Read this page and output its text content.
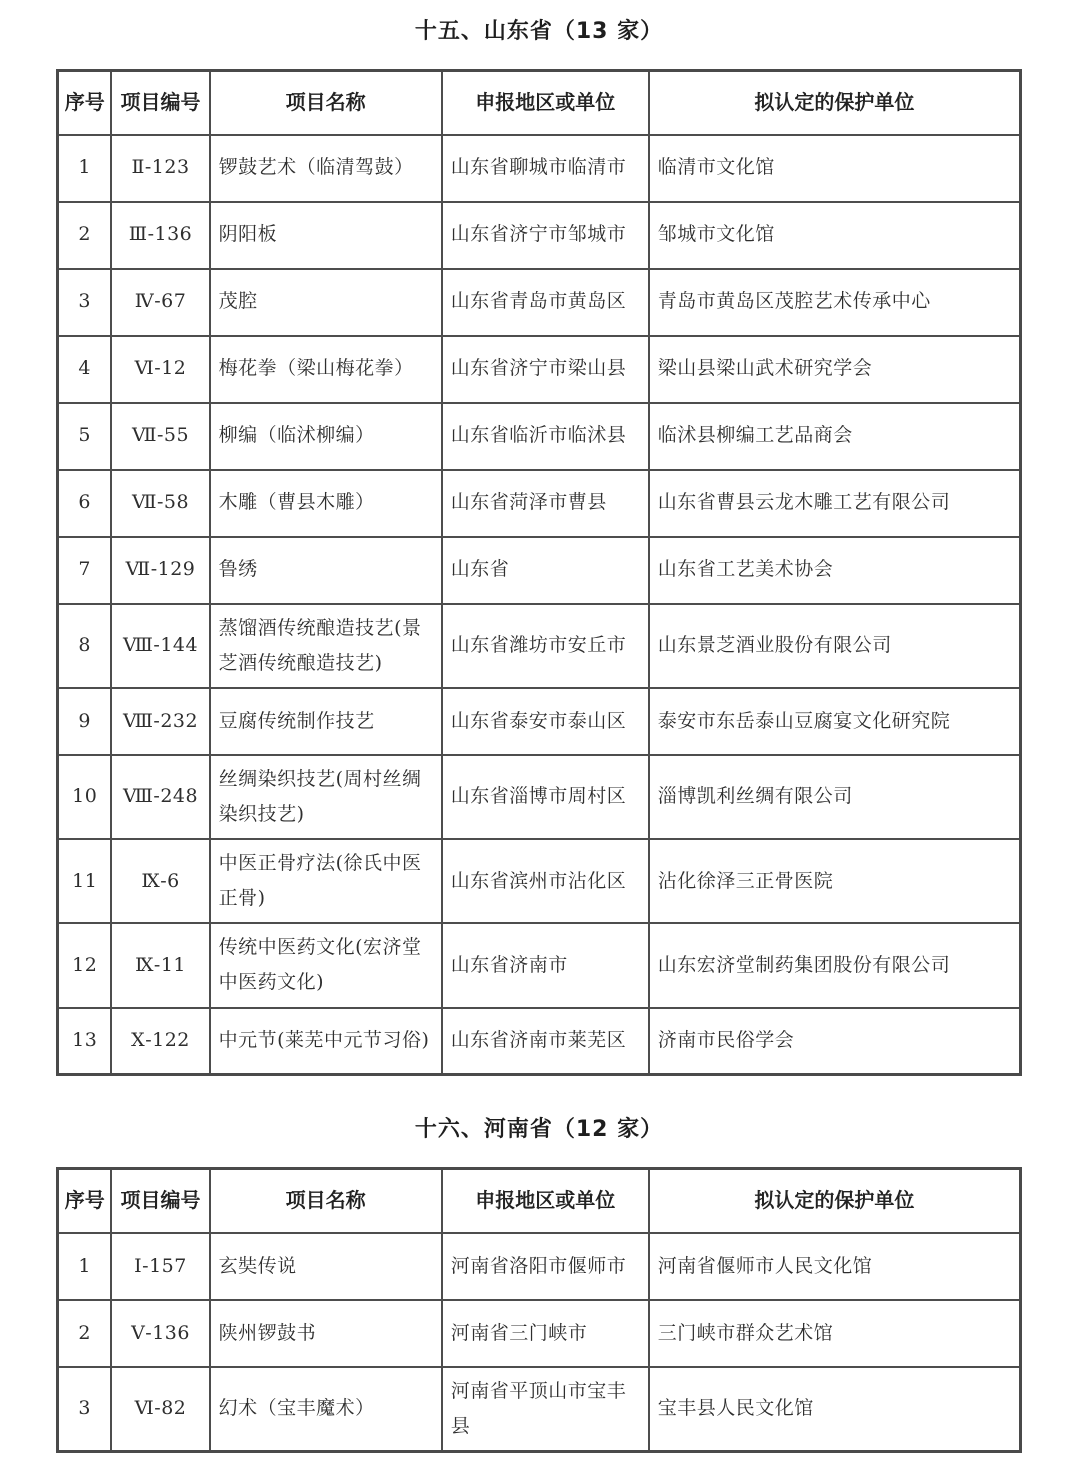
十五、山东省（13 家）
序号	项目编号	项目名称	申报地区或单位	拟认定的保护单位
1	Ⅱ-123	锣鼓艺术（临清驾鼓）	山东省聊城市临清市	临清市文化馆
2	Ⅲ-136	阴阳板	山东省济宁市邹城市	邹城市文化馆
3	Ⅳ-67	茂腔	山东省青岛市黄岛区	青岛市黄岛区茂腔艺术传承中心
4	Ⅵ-12	梅花拳（梁山梅花拳）	山东省济宁市梁山县	梁山县梁山武术研究学会
5	Ⅶ-55	柳编（临沭柳编）	山东省临沂市临沭县	临沭县柳编工艺品商会
6	Ⅶ-58	木雕（曹县木雕）	山东省菏泽市曹县	山东省曹县云龙木雕工艺有限公司
7	Ⅶ-129	鲁绣	山东省	山东省工艺美术协会
8	Ⅷ-144	蒸馏酒传统酿造技艺(景芝酒传统酿造技艺)	山东省潍坊市安丘市	山东景芝酒业股份有限公司
9	Ⅷ-232	豆腐传统制作技艺	山东省泰安市泰山区	泰安市东岳泰山豆腐宴文化研究院
10	Ⅷ-248	丝绸染织技艺(周村丝绸染织技艺)	山东省淄博市周村区	淄博凯利丝绸有限公司
11	Ⅸ-6	中医正骨疗法(徐氏中医正骨)	山东省滨州市沾化区	沾化徐泽三正骨医院
12	Ⅸ-11	传统中医药文化(宏济堂中医药文化)	山东省济南市	山东宏济堂制药集团股份有限公司
13	Ⅹ-122	中元节(莱芜中元节习俗)	山东省济南市莱芜区	济南市民俗学会
十六、河南省（12 家）
序号	项目编号	项目名称	申报地区或单位	拟认定的保护单位
1	Ⅰ-157	玄奘传说	河南省洛阳市偃师市	河南省偃师市人民文化馆
2	Ⅴ-136	陕州锣鼓书	河南省三门峡市	三门峡市群众艺术馆
3	Ⅵ-82	幻术（宝丰魔术）	河南省平顶山市宝丰县	宝丰县人民文化馆
